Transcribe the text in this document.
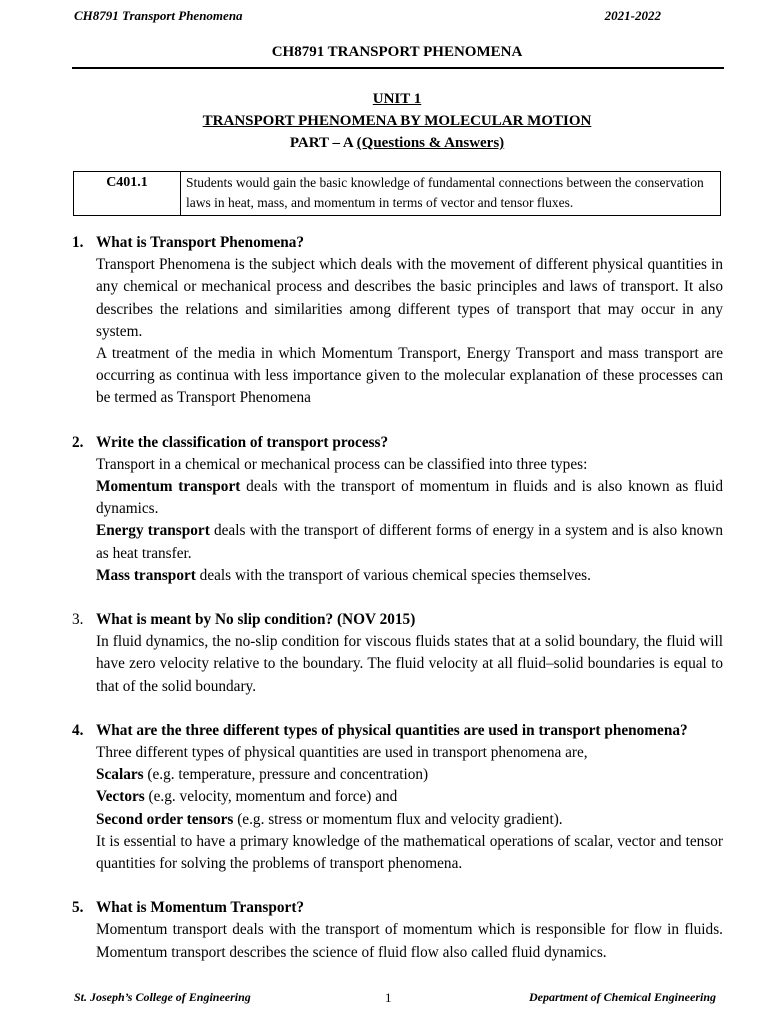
CH8791 Transport Phenomena	2021-2022
CH8791 TRANSPORT PHENOMENA
UNIT 1
TRANSPORT PHENOMENA BY MOLECULAR MOTION
PART – A (Questions & Answers)
C401.1	Students would gain the basic knowledge of fundamental connections between the conservation laws in heat, mass, and momentum in terms of vector and tensor fluxes.
1. What is Transport Phenomena?

Transport Phenomena is the subject which deals with the movement of different physical quantities in any chemical or mechanical process and describes the basic principles and laws of transport. It also describes the relations and similarities among different types of transport that may occur in any system.

A treatment of the media in which Momentum Transport, Energy Transport and mass transport are occurring as continua with less importance given to the molecular explanation of these processes can be termed as Transport Phenomena

2. Write the classification of transport process?

Transport in a chemical or mechanical process can be classified into three types:

Momentum transport deals with the transport of momentum in fluids and is also known as fluid dynamics.

Energy transport deals with the transport of different forms of energy in a system and is also known as heat transfer.

Mass transport deals with the transport of various chemical species themselves.

3. What is meant by No slip condition? (NOV 2015)

In fluid dynamics, the no-slip condition for viscous fluids states that at a solid boundary, the fluid will have zero velocity relative to the boundary. The fluid velocity at all fluid–solid boundaries is equal to that of the solid boundary.

4. What are the three different types of physical quantities are used in transport phenomena?

Three different types of physical quantities are used in transport phenomena are,

Scalars (e.g. temperature, pressure and concentration)

Vectors (e.g. velocity, momentum and force) and

Second order tensors (e.g. stress or momentum flux and velocity gradient).

It is essential to have a primary knowledge of the mathematical operations of scalar, vector and tensor quantities for solving the problems of transport phenomena.

5. What is Momentum Transport?

Momentum transport deals with the transport of momentum which is responsible for flow in fluids. Momentum transport describes the science of fluid flow also called fluid dynamics.

St. Joseph’s College of Engineering	1	Department of Chemical Engineering
